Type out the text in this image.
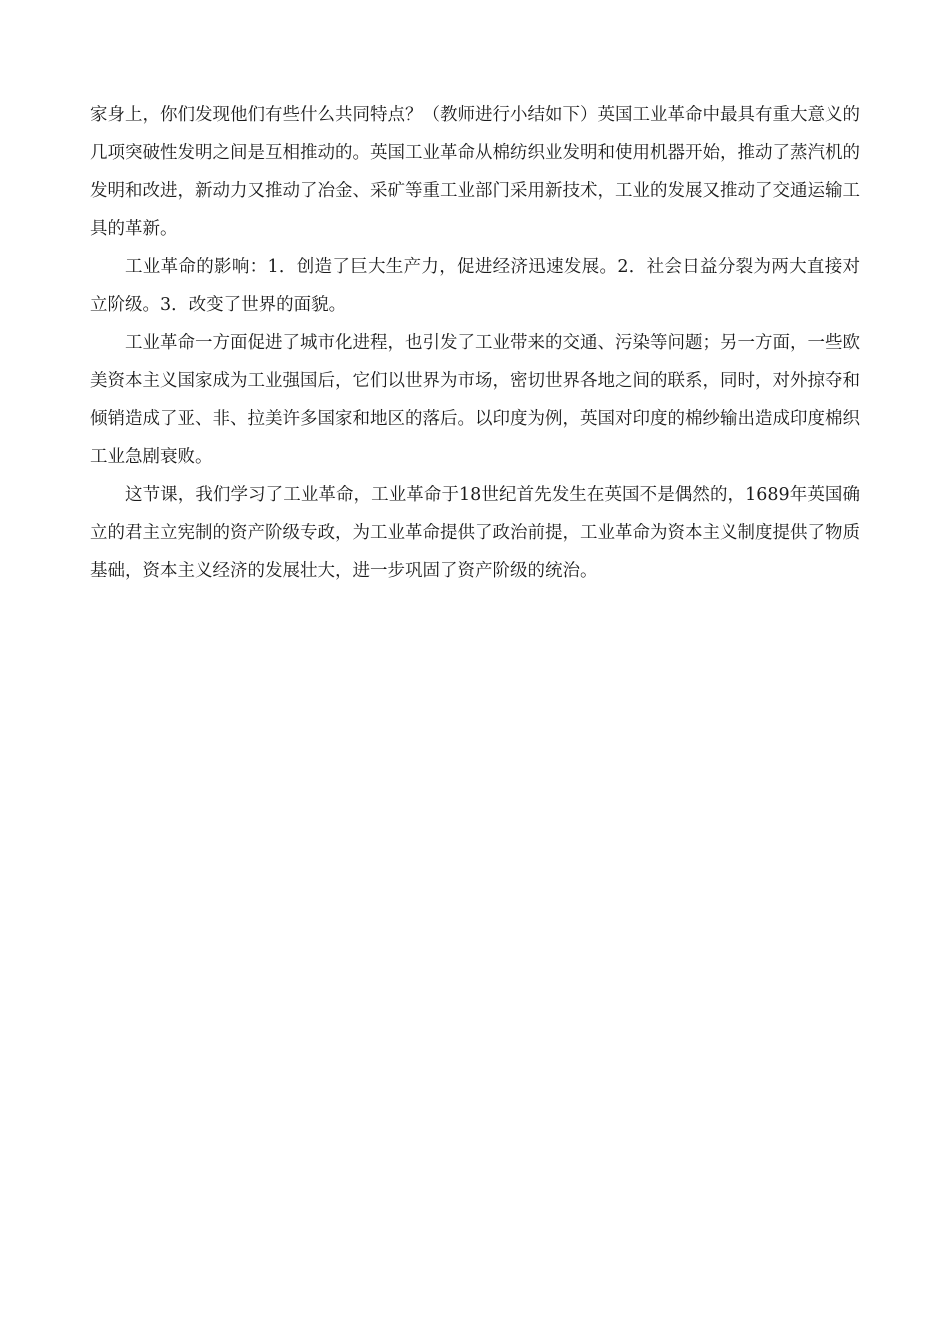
家身上，你们发现他们有些什么共同特点？（教师进行小结如下）英国工业革命中最具有重大意义的几项突破性发明之间是互相推动的。英国工业革命从棉纺织业发明和使用机器开始，推动了蒸汽机的发明和改进，新动力又推动了冶金、采矿等重工业部门采用新技术，工业的发展又推动了交通运输工具的革新。

工业革命的影响：1．创造了巨大生产力，促进经济迅速发展。2．社会日益分裂为两大直接对立阶级。3．改变了世界的面貌。

工业革命一方面促进了城市化进程，也引发了工业带来的交通、污染等问题；另一方面，一些欧美资本主义国家成为工业强国后，它们以世界为市场，密切世界各地之间的联系，同时，对外掠夺和倾销造成了亚、非、拉美许多国家和地区的落后。以印度为例，英国对印度的棉纱输出造成印度棉织工业急剧衰败。

这节课，我们学习了工业革命，工业革命于18世纪首先发生在英国不是偶然的，1689年英国确立的君主立宪制的资产阶级专政，为工业革命提供了政治前提，工业革命为资本主义制度提供了物质基础，资本主义经济的发展壮大，进一步巩固了资产阶级的统治。
